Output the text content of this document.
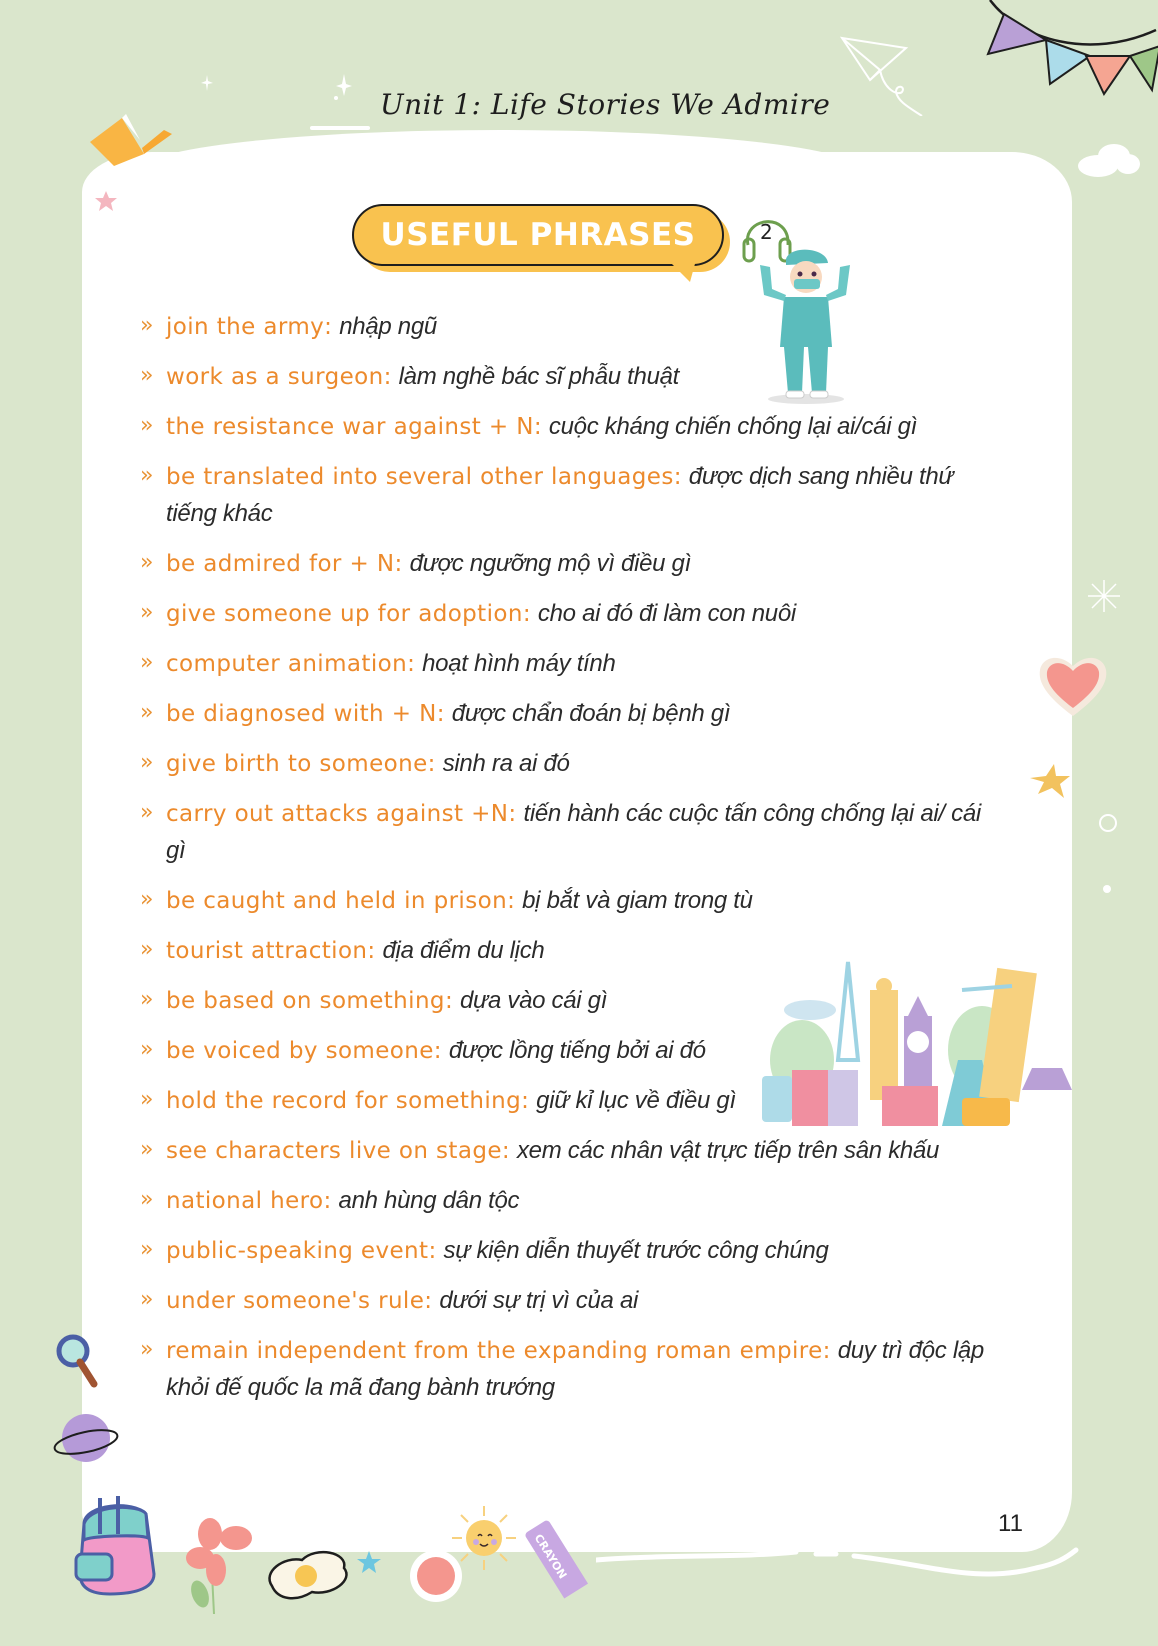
Unit 1: Life Stories We Admire
USEFUL PHRASES	2
» join the army: nhập ngũ
» work as a surgeon: làm nghề bác sĩ phẫu thuật
» the resistance war against + N: cuộc kháng chiến chống lại ai/cái gì
» be translated into several other languages: được dịch sang nhiều thứ tiếng khác
» be admired for + N: được ngưỡng mộ vì điều gì
» give someone up for adoption: cho ai đó đi làm con nuôi
» computer animation: hoạt hình máy tính
» be diagnosed with + N: được chẩn đoán bị bệnh gì
» give birth to someone: sinh ra ai đó
» carry out attacks against +N: tiến hành các cuộc tấn công chống lại ai/ cái gì
» be caught and held in prison: bị bắt và giam trong tù
» tourist attraction: địa điểm du lịch
» be based on something: dựa vào cái gì
» be voiced by someone: được lồng tiếng bởi ai đó
» hold the record for something: giữ kỉ lục về điều gì
» see characters live on stage: xem các nhân vật trực tiếp trên sân khấu
» national hero: anh hùng dân tộc
» public-speaking event: sự kiện diễn thuyết trước công chúng
» under someone's rule: dưới sự trị vì của ai
» remain independent from the expanding roman empire: duy trì độc lập khỏi đế quốc la mã đang bành trướng
11
CRAYON
